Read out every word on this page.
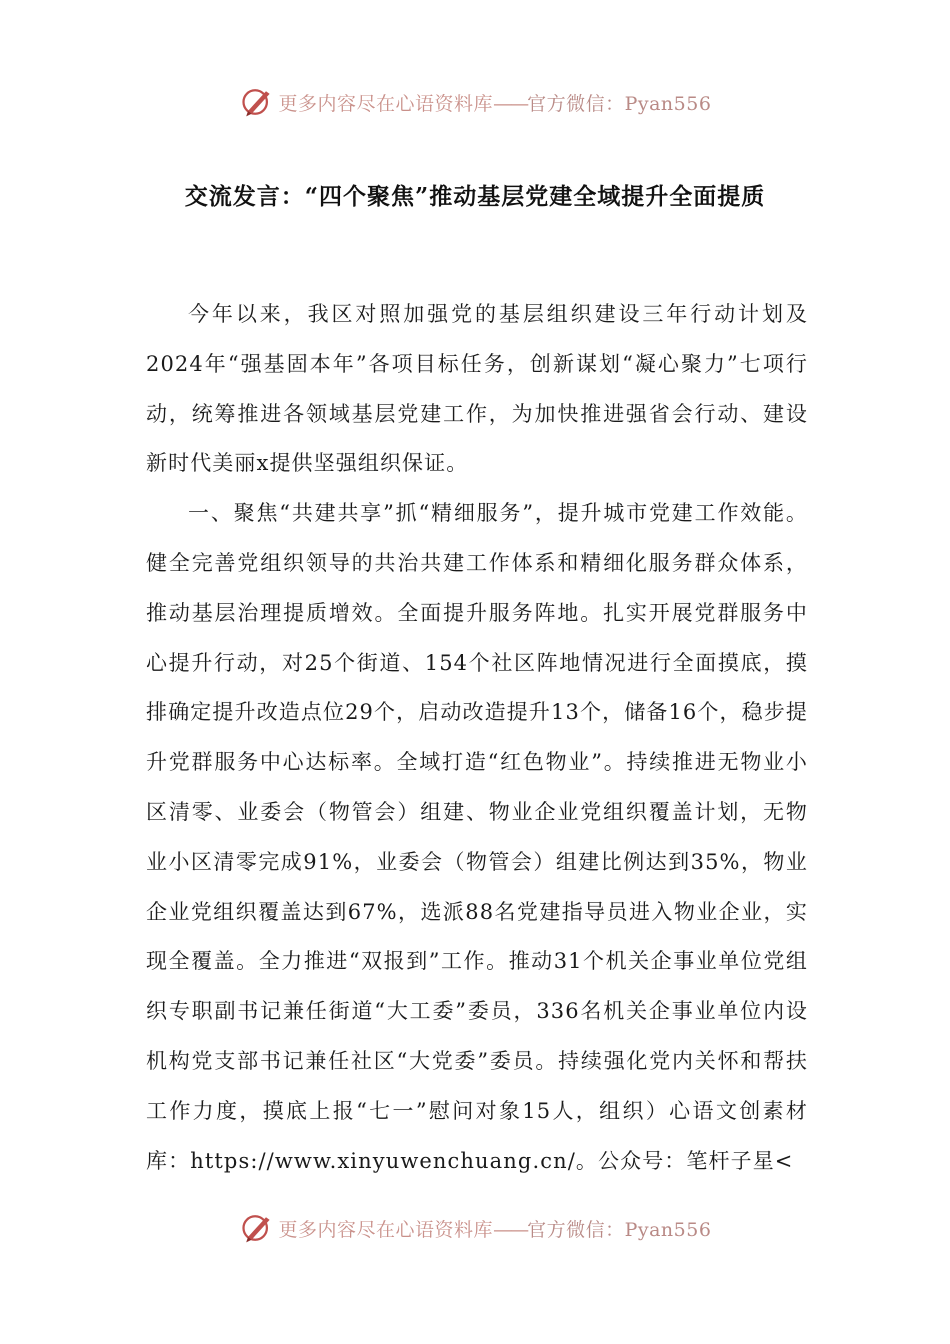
更多内容尽在心语资料库——官方微信：Pyan556
交流发言：“四个聚焦”推动基层党建全域提升全面提质

今年以来，我区对照加强党的基层组织建设三年行动计划及2024年“强基固本年”各项目标任务，创新谋划“凝心聚力”七项行动，统筹推进各领域基层党建工作，为加快推进强省会行动、建设新时代美丽x提供坚强组织保证。

一、聚焦“共建共享”抓“精细服务”，提升城市党建工作效能。健全完善党组织领导的共治共建工作体系和精细化服务群众体系，推动基层治理提质增效。全面提升服务阵地。扎实开展党群服务中心提升行动，对25个街道、154个社区阵地情况进行全面摸底，摸排确定提升改造点位29个，启动改造提升13个，储备16个，稳步提升党群服务中心达标率。全域打造“红色物业”。持续推进无物业小区清零、业委会（物管会）组建、物业企业党组织覆盖计划，无物业小区清零完成91%，业委会（物管会）组建比例达到35%，物业企业党组织覆盖达到67%，选派88名党建指导员进入物业企业，实现全覆盖。全力推进“双报到”工作。推动31个机关企事业单位党组织专职副书记兼任街道“大工委”委员，336名机关企事业单位内设机构党支部书记兼任社区“大党委”委员。持续强化党内关怀和帮扶工作力度，摸底上报“七一”慰问对象15人，组织）心语文创素材库：https://www.xinyuwenchuang.cn/。公众号：笔杆子星<

更多内容尽在心语资料库——官方微信：Pyan556
